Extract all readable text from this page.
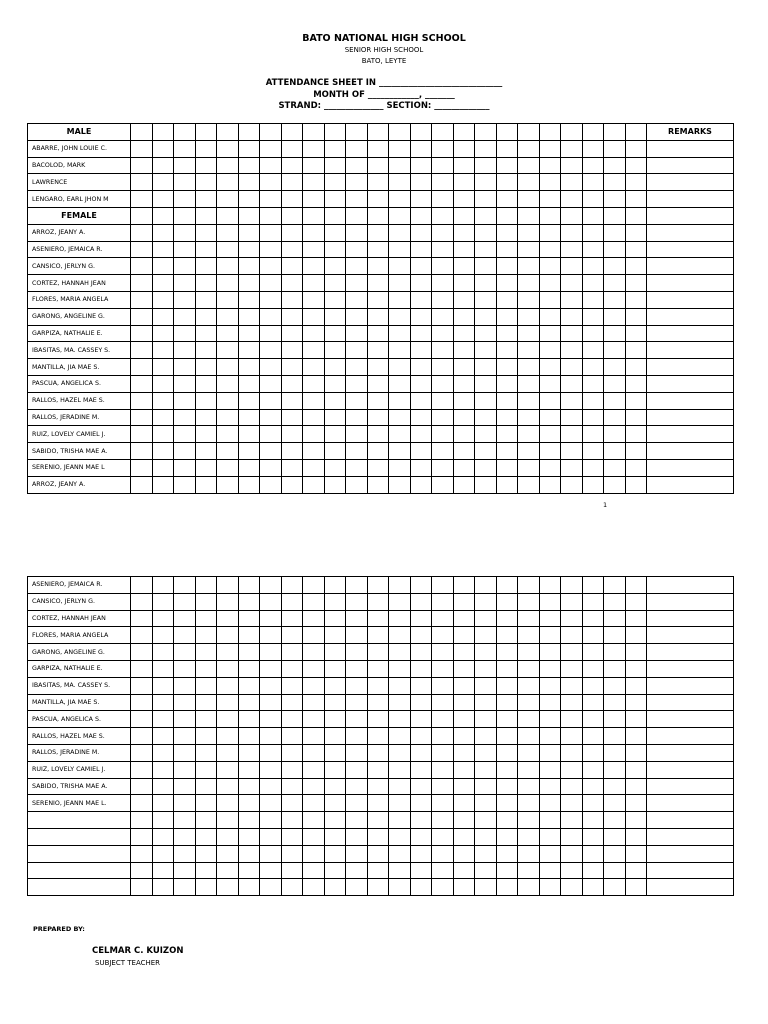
BATO NATIONAL HIGH SCHOOL
SENIOR HIGH SCHOOL
BATO, LEYTE
ATTENDANCE SHEET IN _____________________________
MONTH OF ____________, _______
STRAND: ______________ SECTION: _____________
MALE																									REMARKS
ABARRE, JOHN LOUIE C.																									
BACOLOD, MARK																									
LAWRENCE																									
LENGARO, EARL JHON M																									
FEMALE																									
ARROZ, JEANY A.																									
ASENIERO, JEMAICA R.																									
CANSICO, JERLYN G.																									
CORTEZ, HANNAH JEAN																									
FLORES, MARIA ANGELA																									
GARONG, ANGELINE G.																									
GARPIZA, NATHALIE E.																									
IBASITAS, MA. CASSEY S.																									
MANTILLA, JIA MAE S.																									
PASCUA, ANGELICA S.																									
RALLOS, HAZEL MAE S.																									
RALLOS, JERADINE M.																									
RUIZ, LOVELY CAMIEL J.																									
SABIDO, TRISHA MAE A.																									
SERENIO, JEANN MAE L																									
ARROZ, JEANY A.																									
1
ASENIERO, JEMAICA R.																									
CANSICO, JERLYN G.																									
CORTEZ, HANNAH JEAN																									
FLORES, MARIA ANGELA																									
GARONG, ANGELINE G.																									
GARPIZA, NATHALIE E.																									
IBASITAS, MA. CASSEY S.																									
MANTILLA, JIA MAE S.																									
PASCUA, ANGELICA S.																									
RALLOS, HAZEL MAE S.																									
RALLOS, JERADINE M.																									
RUIZ, LOVELY CAMIEL J.																									
SABIDO, TRISHA MAE A.																									
SERENIO, JEANN MAE L.																									

PREPARED BY:
CELMAR C. KUIZON
SUBJECT TEACHER
